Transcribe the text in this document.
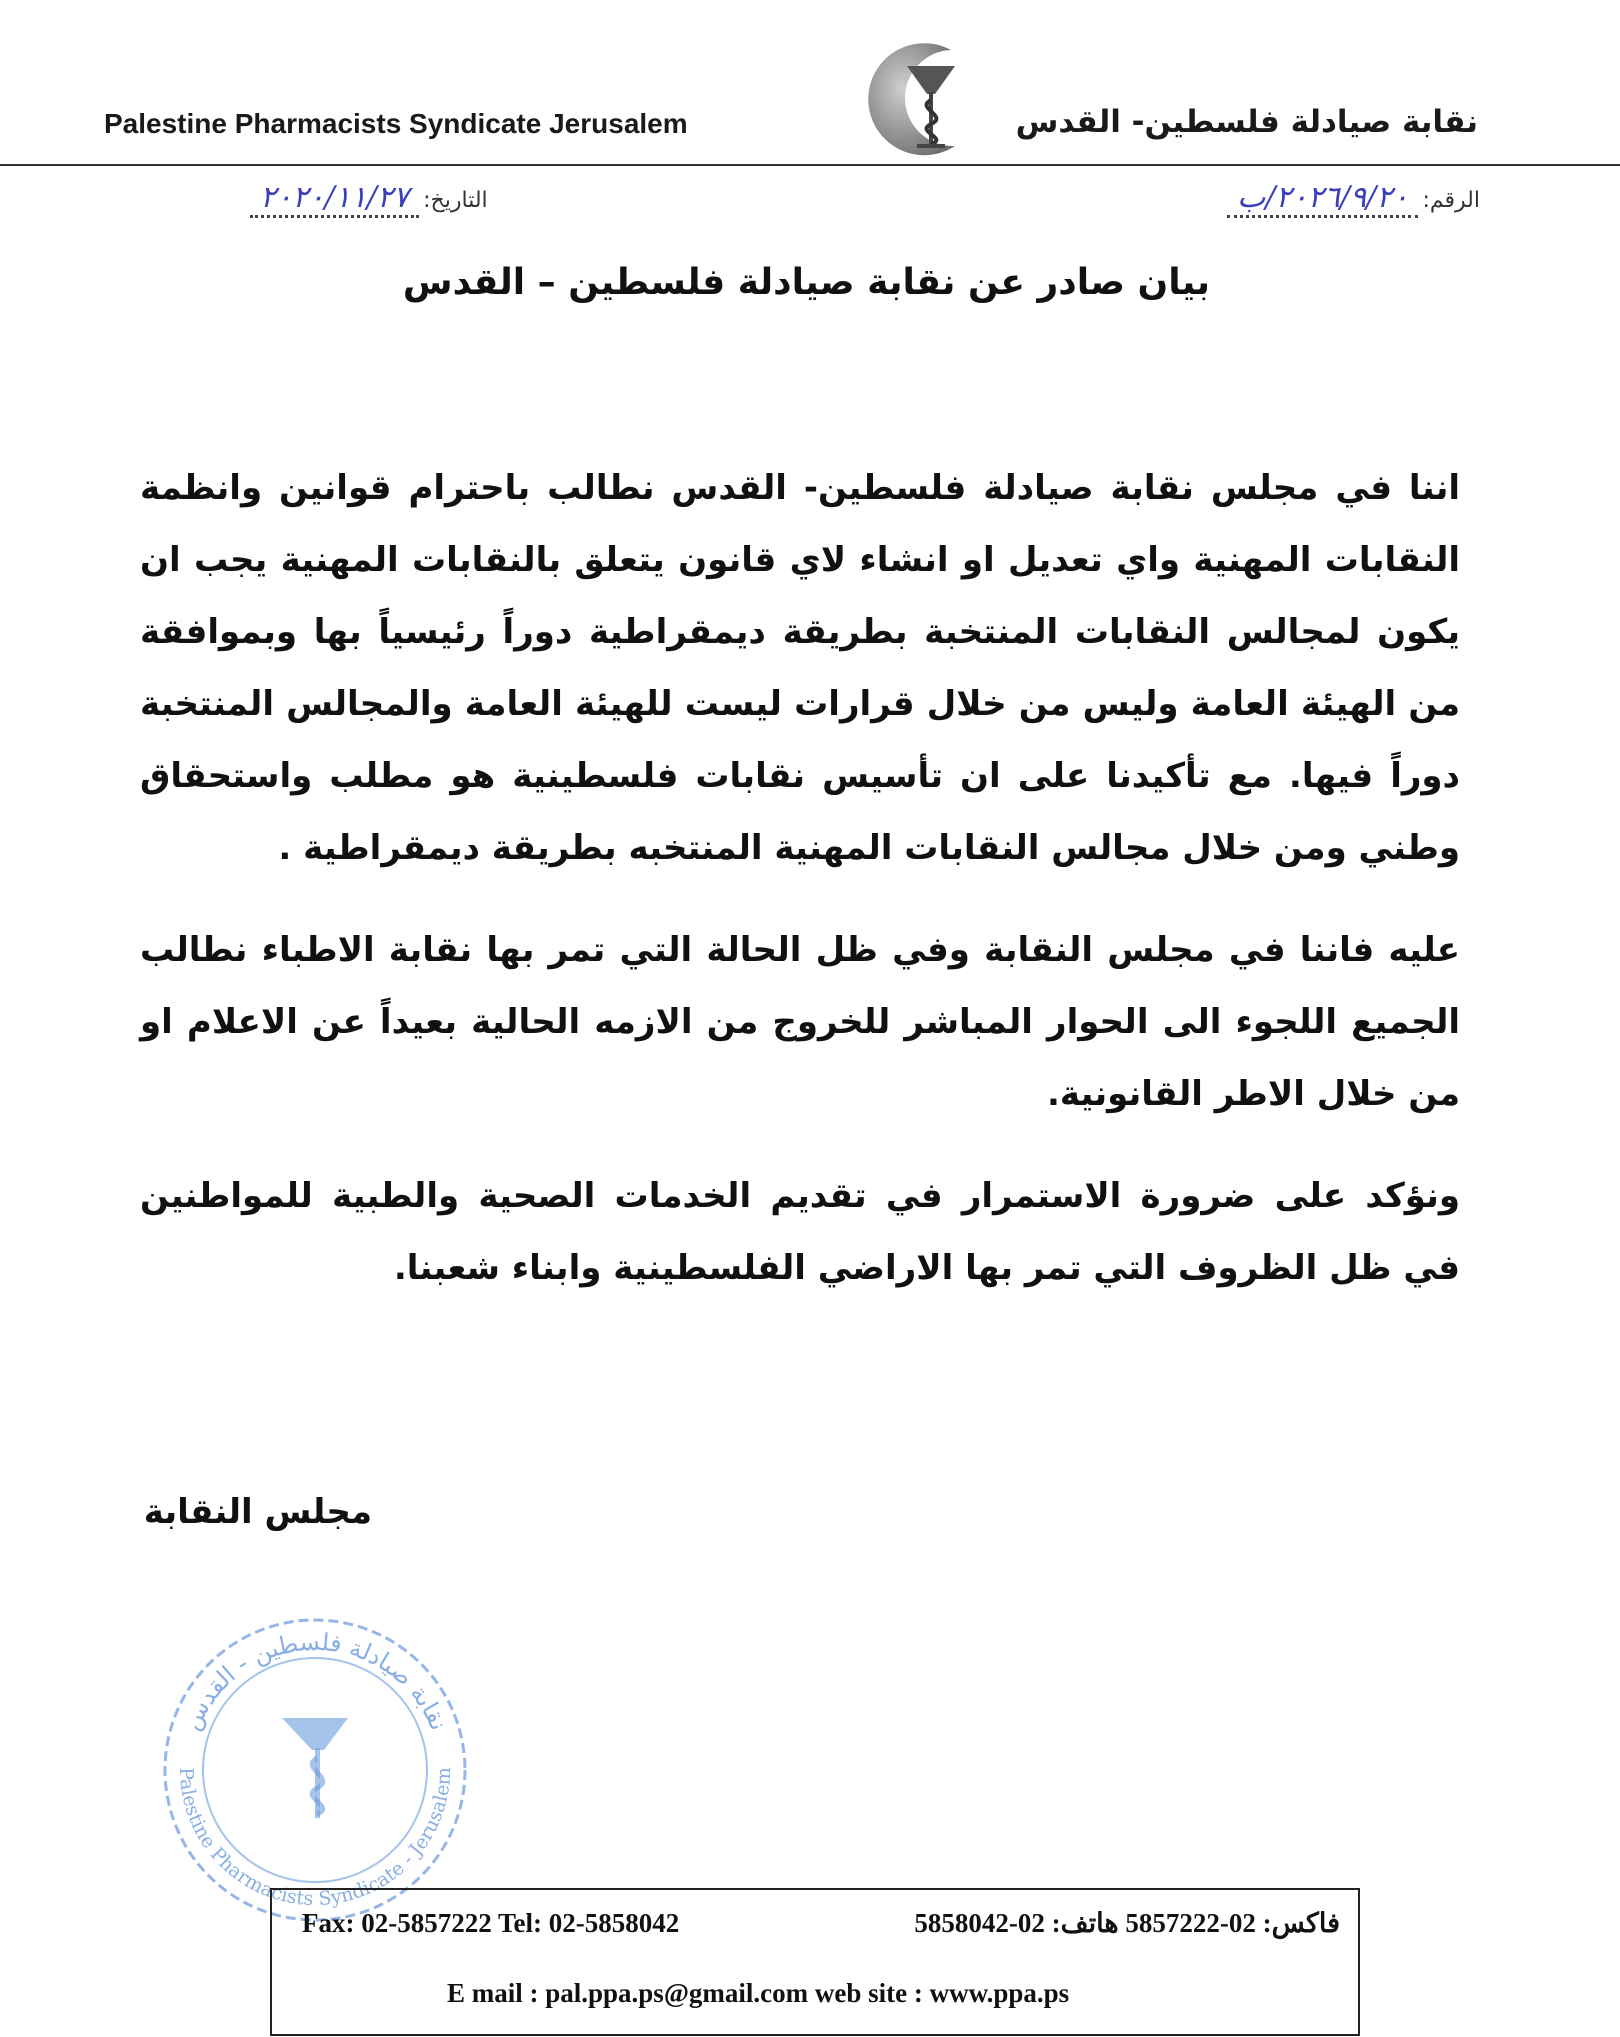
Palestine Pharmacists Syndicate Jerusalem	نقابة صيادلة فلسطين- القدس
الرقم:٢٠٢٦/٩/٢٠/ب
التاريخ:٢٠٢٠/١١/٢٧
بيان صادر عن نقابة صيادلة فلسطين – القدس

اننا في مجلس نقابة صيادلة فلسطين- القدس نطالب باحترام قوانين وانظمة النقابات المهنية واي تعديل او انشاء لاي قانون يتعلق بالنقابات المهنية يجب ان يكون لمجالس النقابات المنتخبة بطريقة ديمقراطية دوراً رئيسياً بها وبموافقة من الهيئة العامة وليس من خلال قرارات ليست للهيئة العامة والمجالس المنتخبة دوراً فيها. مع تأكيدنا على ان تأسيس نقابات فلسطينية هو مطلب واستحقاق وطني ومن خلال مجالس النقابات المهنية المنتخبه بطريقة ديمقراطية .

عليه فاننا في مجلس النقابة وفي ظل الحالة التي تمر بها نقابة الاطباء نطالب الجميع اللجوء الى الحوار المباشر للخروج من الازمه الحالية بعيداً عن الاعلام او من خلال الاطر القانونية.

ونؤكد على ضرورة الاستمرار في تقديم الخدمات الصحية والطبية للمواطنين في ظل الظروف التي تمر بها الاراضي الفلسطينية وابناء شعبنا.

مجلس النقابة
نقابة صيادلة فلسطين - القدس
Palestine Pharmacists Syndicate - Jerusalem
Fax: 02-5857222 Tel: 02-5858042	فاكس: 02-5857222 هاتف: 02-5858042
E mail : pal.ppa.ps@gmail.com web site : www.ppa.ps
